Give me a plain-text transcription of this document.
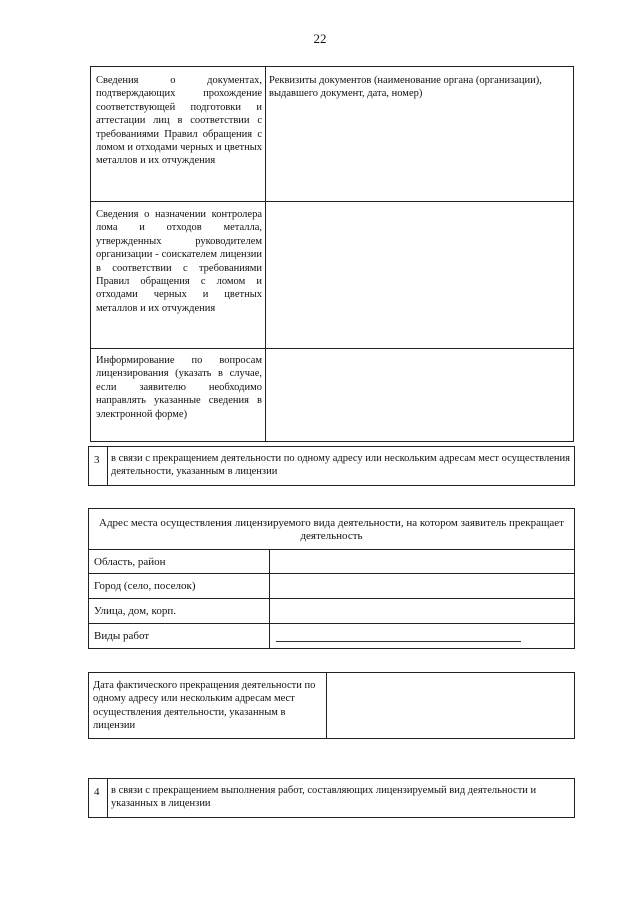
22
Сведения о документах, подтверждающих прохождение соответствующей подготовки и аттестации лиц в соответствии с требованиями Правил обращения с ломом и отходами черных и цветных металлов и их отчуждения
Реквизиты документов (наименование органа (организации), выдавшего документ, дата, номер)
Сведения о назначении контролера лома и отходов металла, утвержденных руководителем организации - соискателем лицензии в соответствии с требованиями Правил обращения с ломом и отходами черных и цветных металлов и их отчуждения
Информирование по вопросам лицензирования (указать в случае, если заявителю необходимо направлять указанные сведения в электронной форме)
3 в связи с прекращением деятельности по одному адресу или нескольким адресам мест осуществления деятельности, указанным в лицензии
Адрес места осуществления лицензируемого вида деятельности, на котором заявитель прекращает деятельность
Область, район
Город (село, поселок)
Улица, дом, корп.
Виды работ
Дата фактического прекращения деятельности по одному адресу или нескольким адресам мест осуществления деятельности, указанным в лицензии
4 в связи с прекращением выполнения работ, составляющих лицензируемый вид деятельности и указанных в лицензии
